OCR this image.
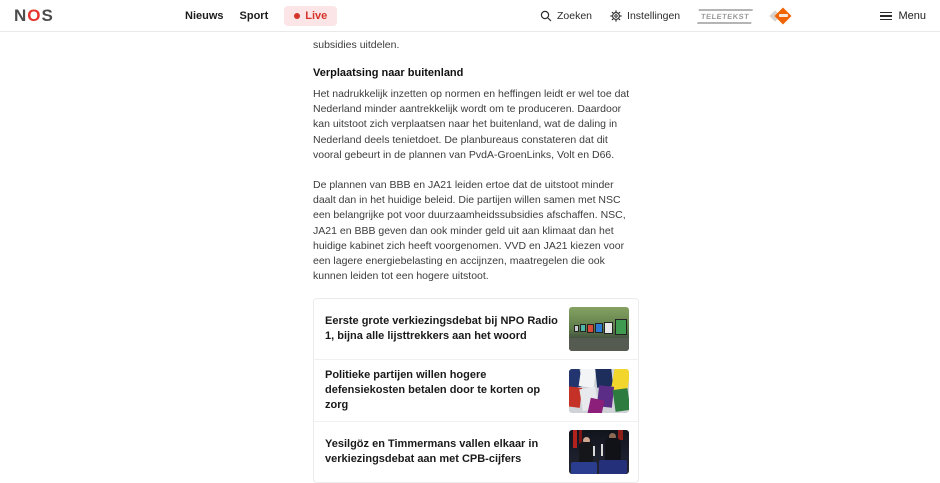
NOS	Nieuws Sport	Live	Zoeken	Instellingen	TELETEKST	Menu

subsidies uitdelen.

Verplaatsing naar buitenland

Het nadrukkelijk inzetten op normen en heffingen leidt er wel toe dat Nederland minder aantrekkelijk wordt om te produceren. Daardoor kan uitstoot zich verplaatsen naar het buitenland, wat de daling in Nederland deels tenietdoet. De planbureaus constateren dat dit vooral gebeurt in de plannen van PvdA-GroenLinks, Volt en D66.

De plannen van BBB en JA21 leiden ertoe dat de uitstoot minder daalt dan in het huidige beleid. Die partijen willen samen met NSC een belangrijke pot voor duurzaamheidssubsidies afschaffen. NSC, JA21 en BBB geven dan ook minder geld uit aan klimaat dan het huidige kabinet zich heeft voorgenomen. VVD en JA21 kiezen voor een lagere energiebelasting en accijnzen, maatregelen die ook kunnen leiden tot een hogere uitstoot.

Eerste grote verkiezingsdebat bij NPO Radio 1, bijna alle lijsttrekkers aan het woord
Politieke partijen willen hogere defensiekosten betalen door te korten op zorg
Yesilgöz en Timmermans vallen elkaar in verkiezingsdebat aan met CPB-cijfers
